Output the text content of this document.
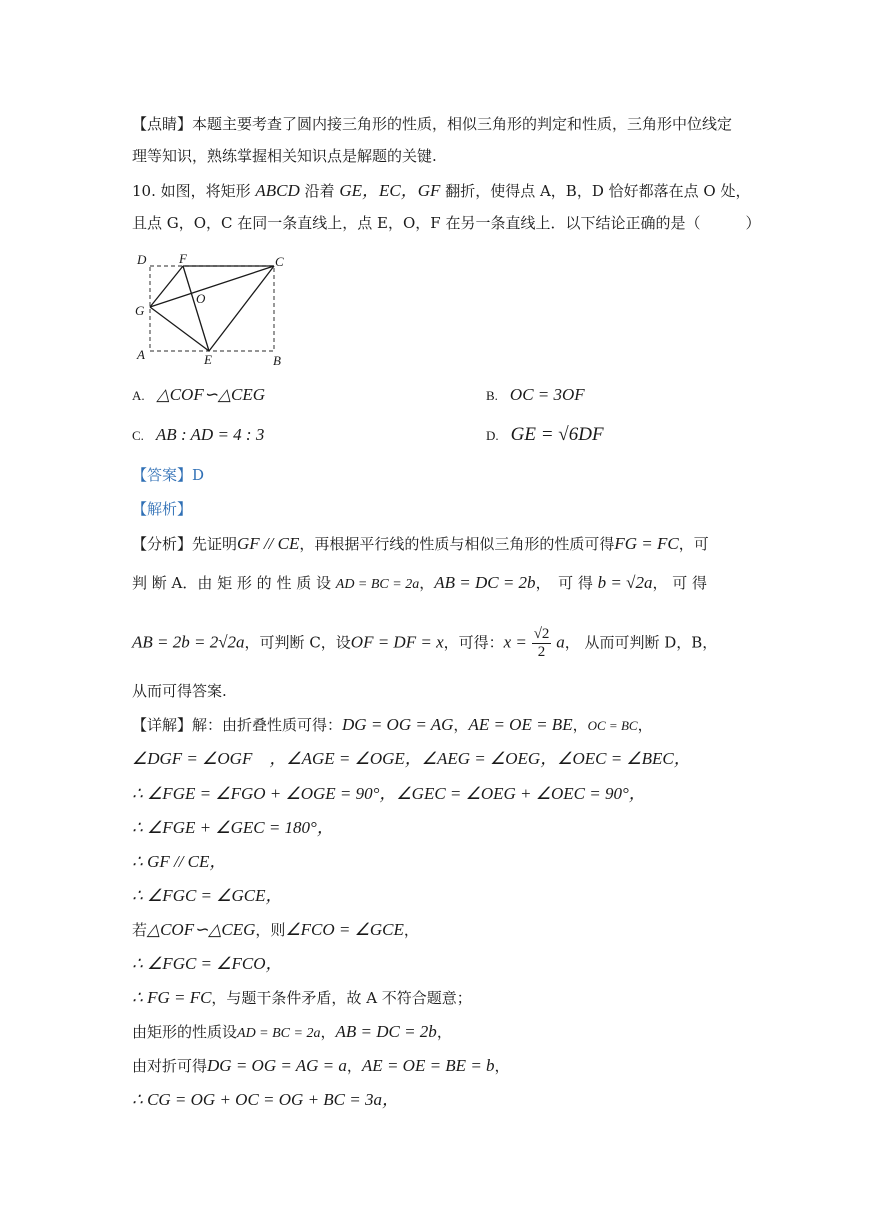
【点睛】本题主要考查了圆内接三角形的性质，相似三角形的判定和性质，三角形中位线定
理等知识，熟练掌握相关知识点是解题的关键.
10. 如图，将矩形 ABCD 沿着 GE，EC，GF 翻折，使得点 A，B，D 恰好都落在点 O 处，
且点 G，O，C 在同一条直线上，点 E，O，F 在另一条直线上．以下结论正确的是（　　　）
D	F	C
G
O
A	E	B
A. △COF∽△CEG	B. OC = 3OF
C. AB : AD = 4 : 3	D. GE = √6DF
【答案】D
【解析】
【分析】先证明GF // CE，再根据平行线的性质与相似三角形的性质可得FG = FC，可
判 断 A．由 矩 形 的 性 质 设 AD = BC = 2a，AB = DC = 2b，　可 得 b = √2a， 可 得
AB = 2b = 2√2a，可判断 C，设OF = DF = x，可得：$x = \frac{√2}{2}$ a， 从而可判断 D，B，
从而可得答案.
【详解】解：由折叠性质可得：DG = OG = AG，AE = OE = BE，OC = BC，
∠DGF = ∠OGF　，∠AGE = ∠OGE，∠AEG = ∠OEG，∠OEC = ∠BEC，
∴ ∠FGE = ∠FGO + ∠OGE = 90°，∠GEC = ∠OEG + ∠OEC = 90°，
∴ ∠FGE + ∠GEC = 180°，
∴ GF // CE，
∴ ∠FGC = ∠GCE，
若△COF∽△CEG，则∠FCO = ∠GCE，
∴ ∠FGC = ∠FCO，
∴ FG = FC，与题干条件矛盾，故 A 不符合题意；
由矩形的性质设AD = BC = 2a，AB = DC = 2b，
由对折可得DG = OG = AG = a，AE = OE = BE = b，
∴ CG = OG + OC = OG + BC = 3a，
